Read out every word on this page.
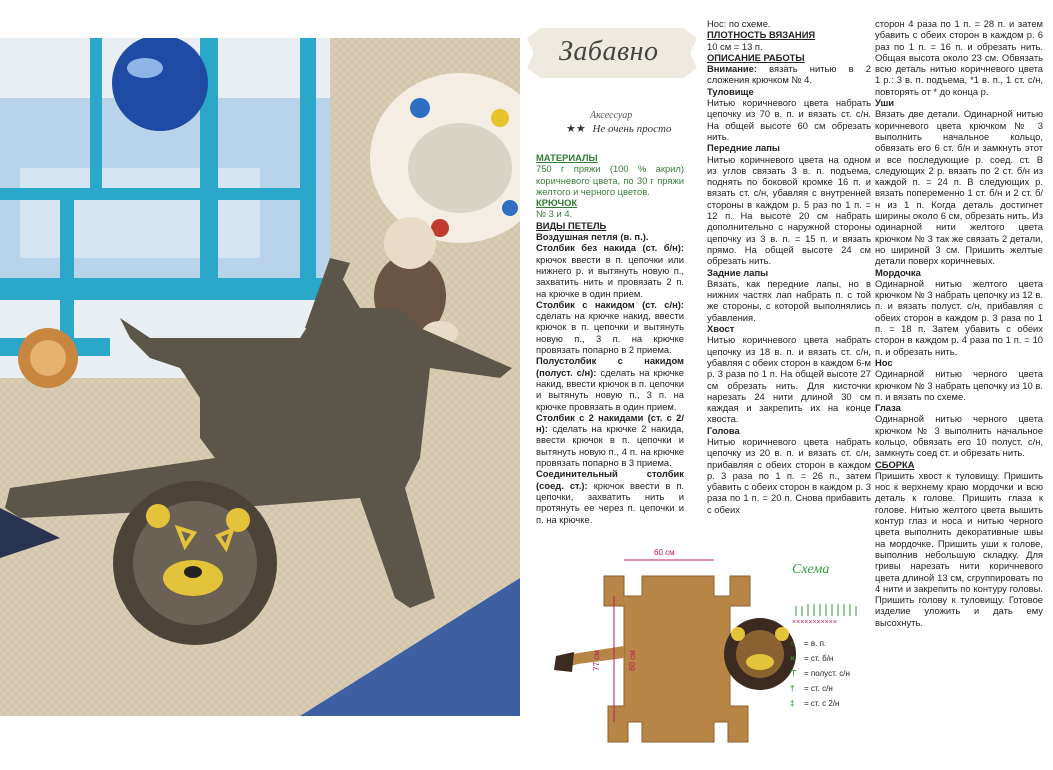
Забавно
Аксессуар
★★ Не очень просто
МАТЕРИАЛЫ

750 г пряжи (100 % акрил) коричневого цвета, по 30 г пряжи желтого и черного цветов.

КРЮЧОК

№ 3 и 4.

ВИДЫ ПЕТЕЛЬ

Воздушная петля (в. п.).

Столбик без накида (ст. б/н): крючок ввести в п. цепочки или нижнего р. и вытянуть новую п., захватить нить и провязать 2 п. на крючке в один прием.

Столбик с накидом (ст. с/н): сделать на крючке накид, ввести крючок в п. цепочки и вытянуть новую п., 3 п. на крючке провязать попарно в 2 приема.

Полустолбик с накидом (полуст. с/н): сделать на крючке накид, ввести крючок в п. цепочки и вытянуть новую п., 3 п. на крючке провязать в один прием.

Столбик с 2 накидами (ст. с 2/н): сделать на крючке 2 накида, ввести крючок в п. цепочки и вытянуть новую п., 4 п. на крючке провязать попарно в 3 приема.

Соединительный столбик (соед. ст.): крючок ввести в п. цепочки, захватить нить и протянуть ее через п. цепочки и п. на крючке.

Нос: по схеме.

ПЛОТНОСТЬ ВЯЗАНИЯ

10 см = 13 п.

ОПИСАНИЕ РАБОТЫ

Внимание: вязать нитью в 2 сложения крючком № 4.

Туловище

Нитью коричневого цвета набрать цепочку из 70 в. п. и вязать ст. с/н. На общей высоте 60 см обрезать нить.

Передние лапы

Нитью коричневого цвета на одном из углов связать 3 в. п. подъема, поднять по боковой кромке 16 п. и вязать ст. с/н, убавляя с внутренней стороны в каждом р. 5 раз по 1 п. = 12 п. На высоте 20 см набрать дополнительно с наружной стороны цепочку из 3 в. п. = 15 п. и вязать прямо. На общей высоте 24 см обрезать нить.

Задние лапы

Вязать, как передние лапы, но в нижних частях лап набрать п. с той же стороны, с которой выполнялись убавления.

Хвост

Нитью коричневого цвета набрать цепочку из 18 в. п. и вязать ст. с/н, убавляя с обеих сторон в каждом 6-м р. 3 раза по 1 п. На общей высоте 27 см обрезать нить. Для кисточки нарезать 24 нити длиной 30 см каждая и закрепить их на конце хвоста.

Голова

Нитью коричневого цвета набрать цепочку из 20 в. п. и вязать ст. с/н, прибавляя с обеих сторон в каждом р. 3 раза по 1 п. = 26 п., затем убавить с обеих сторон в каждом р. 3 раза по 1 п. = 20 п. Снова прибавить с обеих

сторон 4 раза по 1 п. = 28 п. и затем убавить с обеих сторон в каждом р. 6 раз по 1 п. = 16 п. и обрезать нить. Общая высота около 23 см. Обвязать всю деталь нитью коричневого цвета 1 р.: 3 в. п. подъема, *1 в. п., 1 ст. с/н, повторять от * до конца р.

Уши

Вязать две детали. Одинарной нитью коричневого цвета крючком № 3 выполнить начальное кольцо, обвязать его 6 ст. б/н и замкнуть этот и все последующие р. соед. ст. В следующих 2 р. вязать по 2 ст. б/н из каждой п. = 24 п. В следующих р. вязать попеременно 1 ст. б/н и 2 ст. б/н из 1 п. Когда деталь достигнет ширины около 6 см, обрезать нить. Из одинарной нити желтого цвета крючком № 3 так же связать 2 детали, но шириной 3 см. Пришить желтые детали поверх коричневых.

Мордочка

Одинарной нитью желтого цвета крючком № 3 набрать цепочку из 12 в. п. и вязать полуст. с/н, прибавляя с обеих сторон в каждом р. 3 раза по 1 п. = 18 п. Затем убавить с обеих сторон в каждом р. 4 раза по 1 п. = 10 п. и обрезать нить.

Нос

Одинарной нитью черного цвета крючком № 3 набрать цепочку из 10 в. п. и вязать по схеме.

Глаза

Одинарной нитью черного цвета крючком № 3 выполнить начальное кольцо, обвязать его 10 полуст. с/н, замкнуть соед ст. и обрезать нить.

СБОРКА

Пришить хвост к туловищу. Пришить нос к верхнему краю мордочки и всю деталь к голове. Пришить глаза к голове. Нитью желтого цвета вышить контур глаз и носа и нитью черного цвета выполнить декоративные швы на мордочке. Пришить уши к голове, выполнив небольшую складку. Для гривы нарезать нити коричневого цвета длиной 13 см, сгруппировать по 4 нити и закрепить по контуру головы. Пришить голову к туловищу. Готовое изделие уложить и дать ему высохнуть.

×××××××××××
60 см
77 см	60 см
Схема
○ = в. п.
× = ст. б/н
⊤ = полуст. с/н
† = ст. с/н
‡ = ст. с 2/н
